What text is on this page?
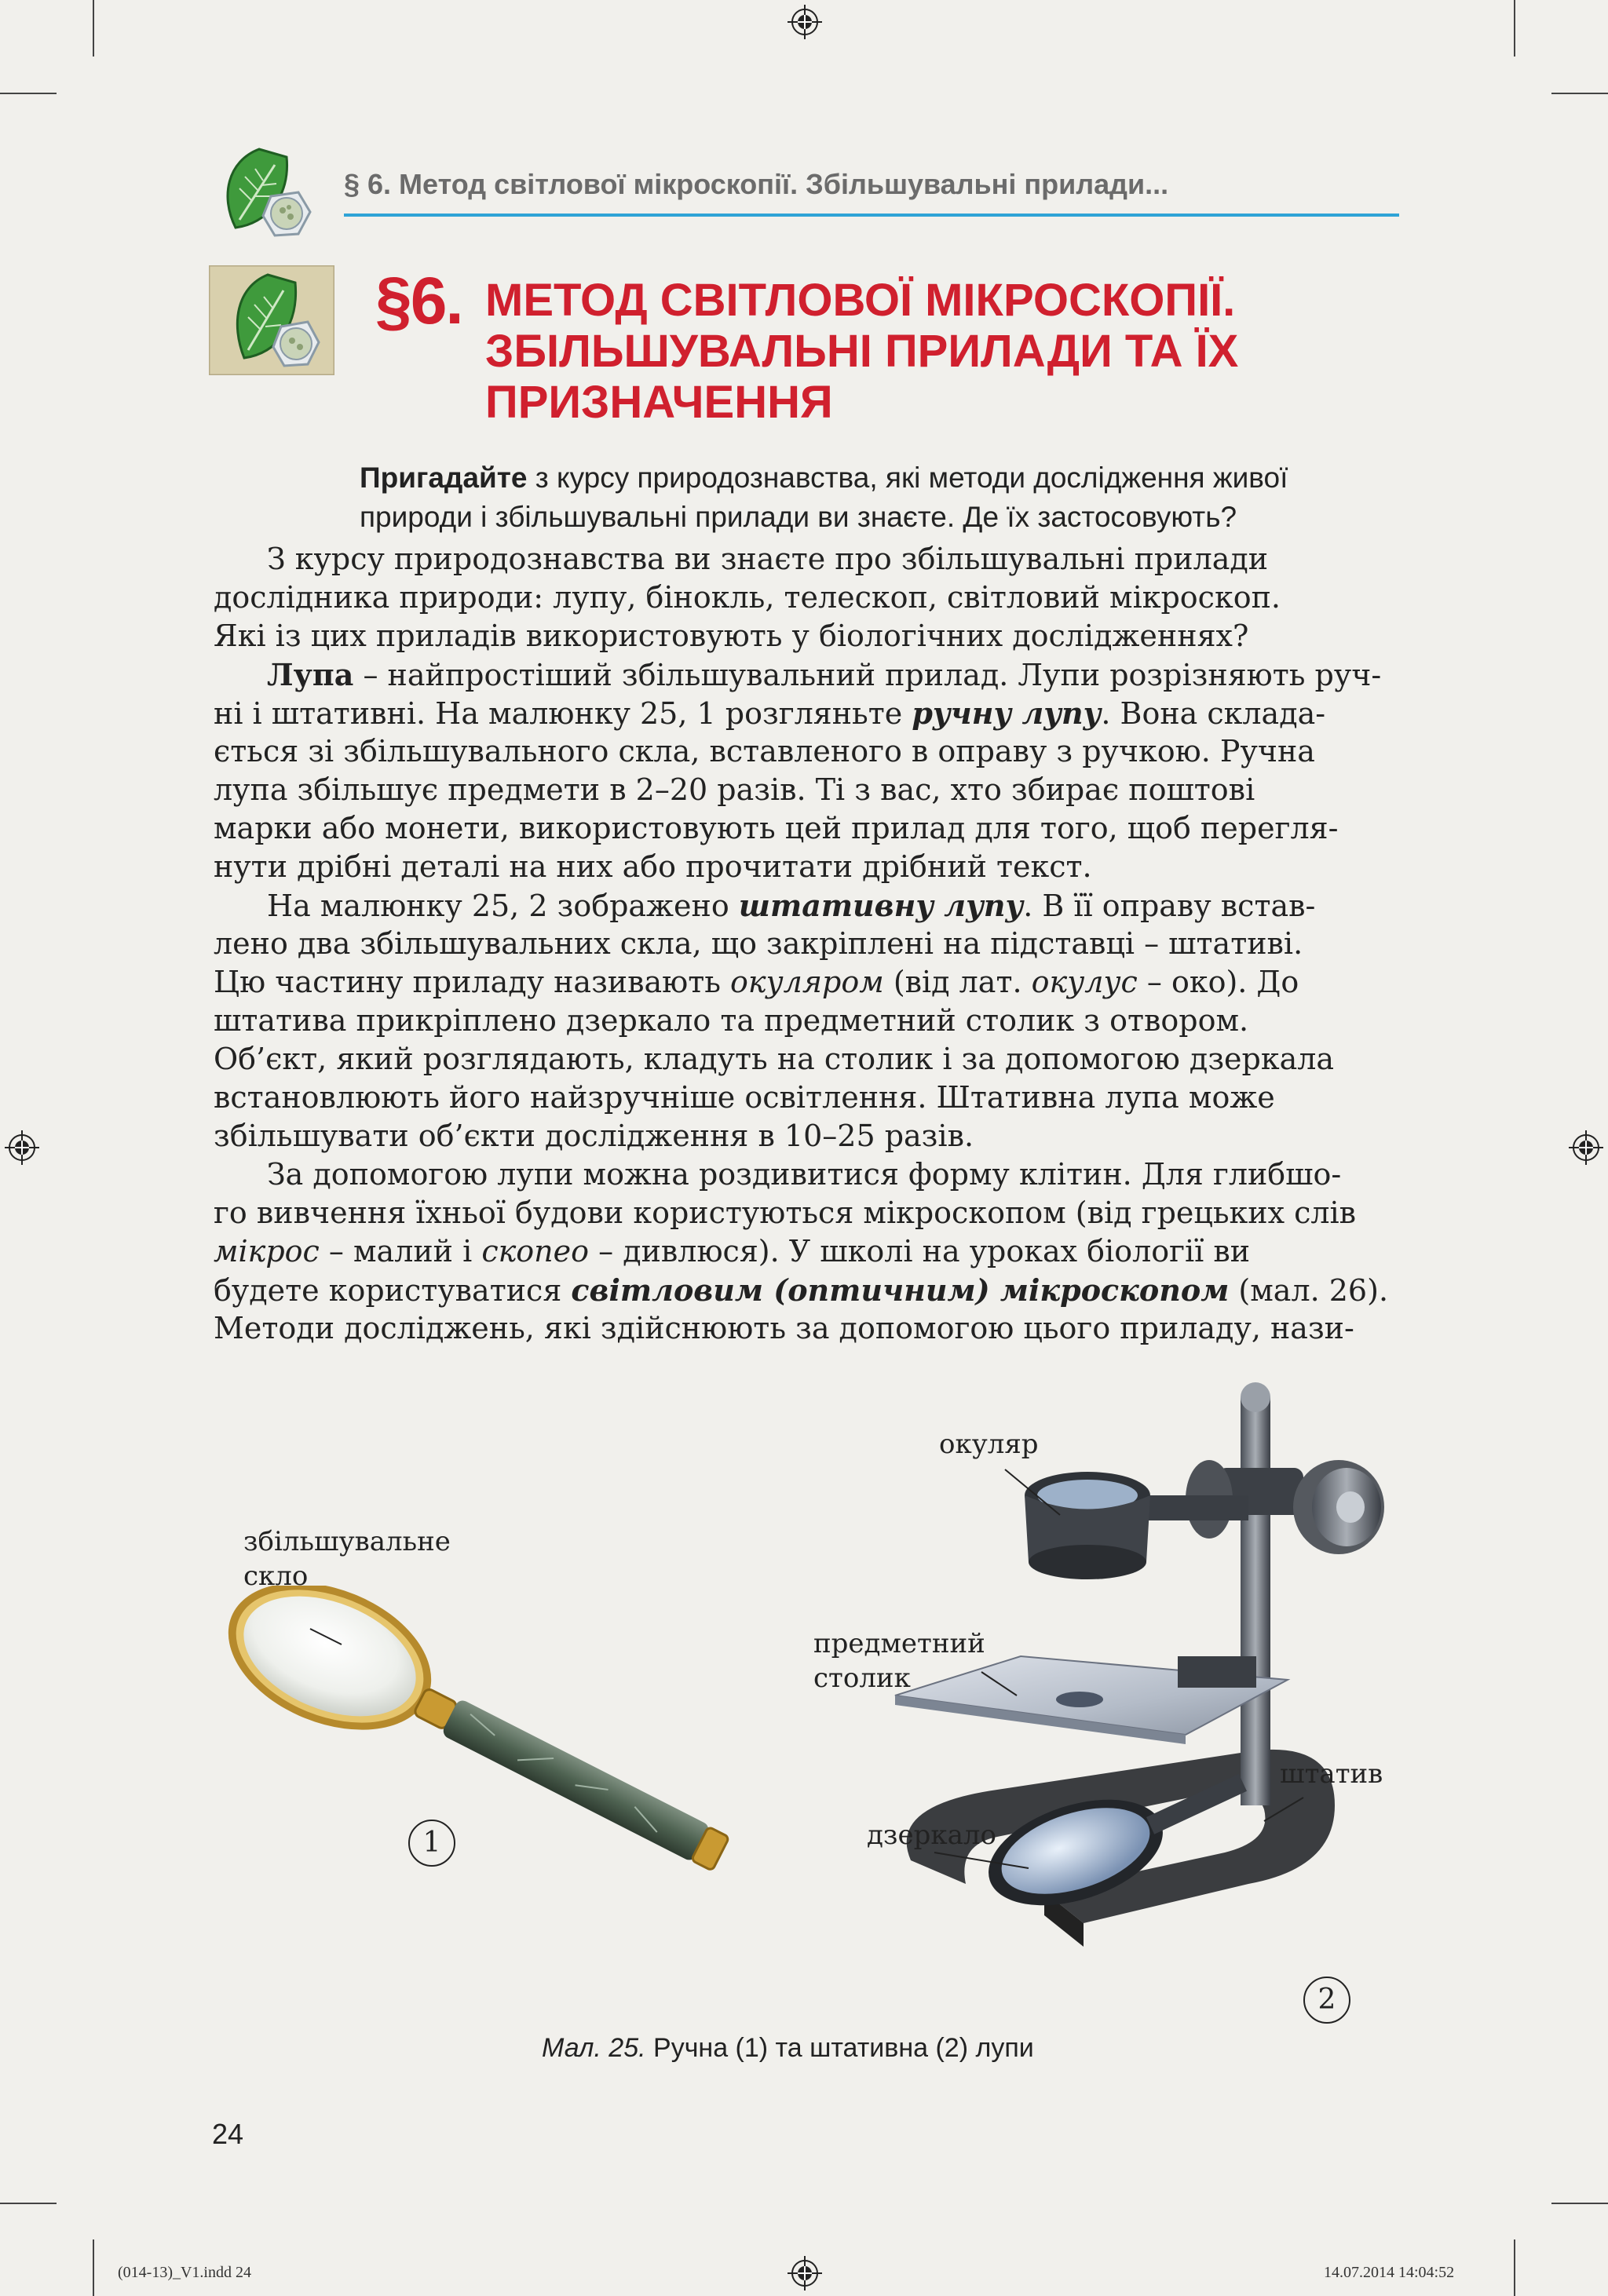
§ 6. Метод світлової мікроскопії. Збільшувальні прилади...
§6. МЕТОД СВІТЛОВОЇ МІКРОСКОПІЇ.
ЗБІЛЬШУВАЛЬНІ ПРИЛАДИ ТА ЇХ
ПРИЗНАЧЕННЯ
Пригадайте з курсу природознавства, які методи дослідження живої
природи і збільшувальні прилади ви знаєте. Де їх застосовують?
З курсу природознавства ви знаєте про збільшувальні прилади
дослідника природи: лупу, бінокль, телескоп, світловий мікроскоп.
Які із цих приладів використовують у біологічних дослідженнях?
Лупа – найпростіший збільшувальний прилад. Лупи розрізняють руч-
ні і штативні. На малюнку 25, 1 розгляньте ручну лупу. Вона склада-
ється зі збільшувального скла, вставленого в оправу з ручкою. Ручна
лупа збільшує предмети в 2–20 разів. Ті з вас, хто збирає поштові
марки або монети, використовують цей прилад для того, щоб перегля-
нути дрібні деталі на них або прочитати дрібний текст.
На малюнку 25, 2 зображено штативну лупу. В її оправу встав-
лено два збільшувальних скла, що закріплені на підставці – штативі.
Цю частину приладу називають окуляром (від лат. окулус – око). До
штатива прикріплено дзеркало та предметний столик з отвором.
Об’єкт, який розглядають, кладуть на столик і за допомогою дзеркала
встановлюють його найзручніше освітлення. Штативна лупа може
збільшувати об’єкти дослідження в 10–25 разів.
За допомогою лупи можна роздивитися форму клітин. Для глибшо-
го вивчення їхньої будови користуються мікроскопом (від грецьких слів
мікрос – малий і скопео – дивлюся). У школі на уроках біології ви
будете користуватися світловим (оптичним) мікроскопом (мал. 26).
Методи досліджень, які здійснюють за допомогою цього приладу, нази-
збільшувальне
скло
1
окуляр
предметний
столик
штатив
дзеркало
2
Мал. 25. Ручна (1) та штативна (2) лупи
24
(014-13)_V1.indd 24	14.07.2014 14:04:52
